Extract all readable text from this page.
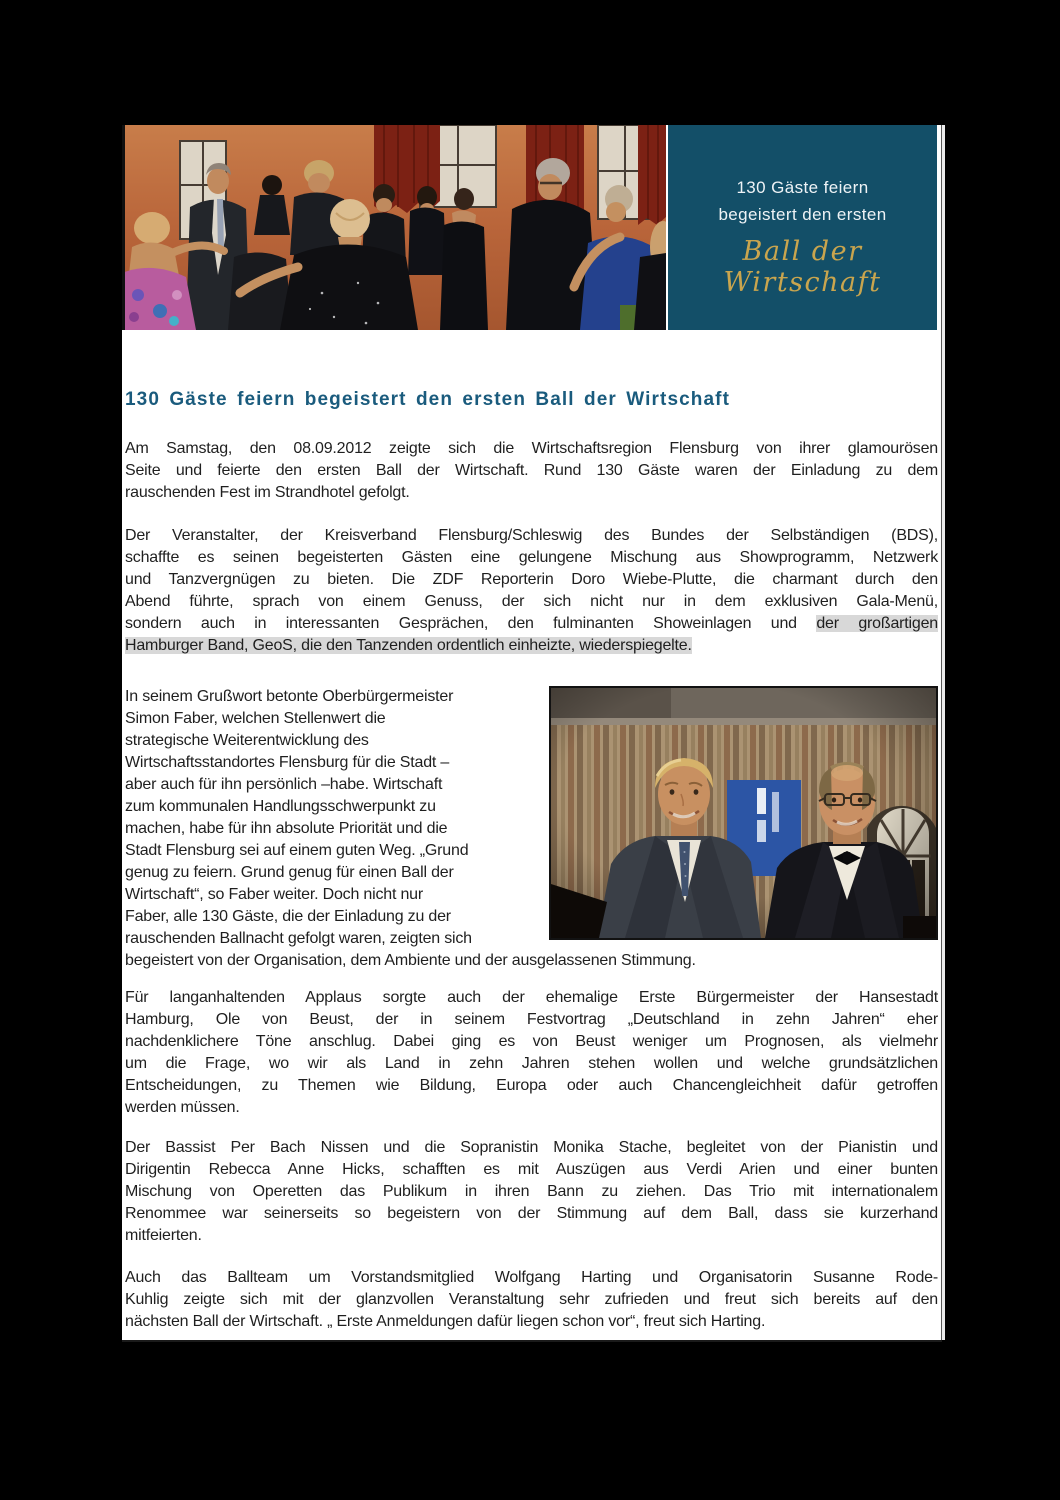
130 Gäste feiern
begeistert den ersten
Ball der Wirtschaft
130 Gäste feiern begeistert den ersten Ball der Wirtschaft
Am Samstag, den 08.09.2012 zeigte sich die Wirtschaftsregion Flensburg von ihrer glamourösen
Seite und feierte den ersten Ball der Wirtschaft. Rund 130 Gäste waren der Einladung zu dem
rauschenden Fest im Strandhotel gefolgt.
Der Veranstalter, der Kreisverband Flensburg/Schleswig des Bundes der Selbständigen (BDS),
schaffte es seinen begeisterten Gästen eine gelungene Mischung aus Showprogramm, Netzwerk
und Tanzvergnügen zu bieten. Die ZDF Reporterin Doro Wiebe-Plutte, die charmant durch den
Abend führte, sprach von einem Genuss, der sich nicht nur in dem exklusiven Gala-Menü,
sondern auch in interessanten Gesprächen, den fulminanten Showeinlagen und der großartigen
Hamburger Band, GeoS, die den Tanzenden ordentlich einheizte, wiederspiegelte.
In seinem Grußwort betonte Oberbürgermeister
Simon Faber, welchen Stellenwert die
strategische Weiterentwicklung des
Wirtschaftsstandortes Flensburg für die Stadt –
aber auch für ihn persönlich –habe. Wirtschaft
zum kommunalen Handlungsschwerpunkt zu
machen, habe für ihn absolute Priorität und die
Stadt Flensburg sei auf einem guten Weg. „Grund
genug zu feiern. Grund genug für einen Ball der
Wirtschaft“, so Faber weiter. Doch nicht nur
Faber, alle 130 Gäste, die der Einladung zu der
rauschenden Ballnacht gefolgt waren, zeigten sich
begeistert von der Organisation, dem Ambiente und der ausgelassenen Stimmung.
Für langanhaltenden Applaus sorgte auch der ehemalige Erste Bürgermeister der Hansestadt
Hamburg, Ole von Beust, der in seinem Festvortrag „Deutschland in zehn Jahren“ eher
nachdenklichere Töne anschlug. Dabei ging es von Beust weniger um Prognosen, als vielmehr
um die Frage, wo wir als Land in zehn Jahren stehen wollen und welche grundsätzlichen
Entscheidungen, zu Themen wie Bildung, Europa oder auch Chancengleichheit dafür getroffen
werden müssen.
Der Bassist Per Bach Nissen und die Sopranistin Monika Stache, begleitet von der Pianistin und
Dirigentin Rebecca Anne Hicks, schafften es mit Auszügen aus Verdi Arien und einer bunten
Mischung von Operetten das Publikum in ihren Bann zu ziehen. Das Trio mit internationalem
Renommee war seinerseits so begeistern von der Stimmung auf dem Ball, dass sie kurzerhand
mitfeierten.
Auch das Ballteam um Vorstandsmitglied Wolfgang Harting und Organisatorin Susanne Rode-
Kuhlig zeigte sich mit der glanzvollen Veranstaltung sehr zufrieden und freut sich bereits auf den
nächsten Ball der Wirtschaft. „ Erste Anmeldungen dafür liegen schon vor“, freut sich Harting.
